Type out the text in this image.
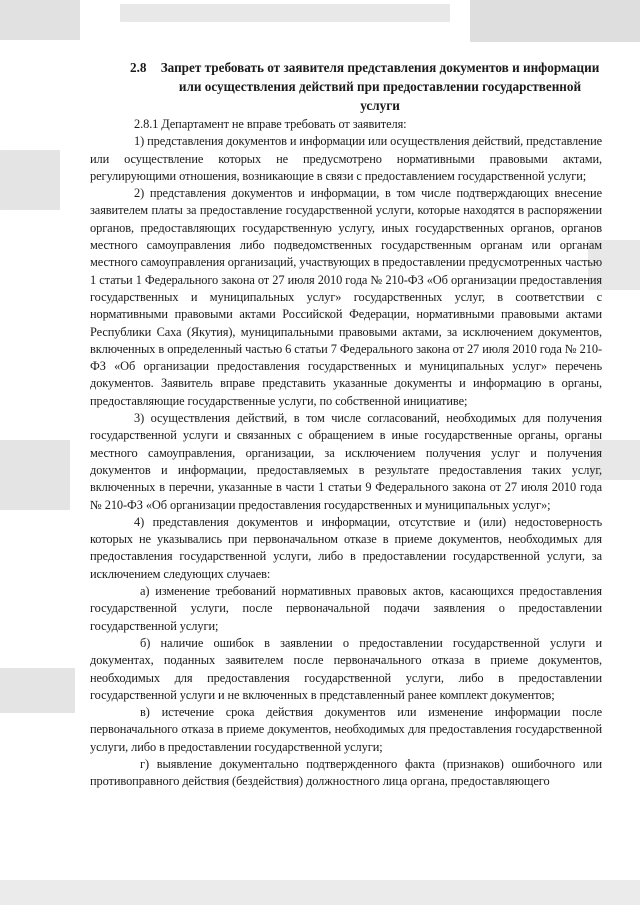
2.8	Запрет требовать от заявителя представления документов и информации или осуществления действий при предоставлении государственной услуги

2.8.1 Департамент не вправе требовать от заявителя:

1) представления документов и информации или осуществления действий, представление или осуществление которых не предусмотрено нормативными правовыми актами, регулирующими отношения, возникающие в связи с предоставлением государственной услуги;

2) представления документов и информации, в том числе подтверждающих внесение заявителем платы за предоставление государственной услуги, которые находятся в распоряжении органов, предоставляющих государственную услугу, иных государственных органов, органов местного самоуправления либо подведомственных государственным органам или органам местного самоуправления организаций, участвующих в предоставлении предусмотренных частью 1 статьи 1 Федерального закона от 27 июля 2010 года № 210-ФЗ «Об организации предоставления государственных и муниципальных услуг» государственных услуг, в соответствии с нормативными правовыми актами Российской Федерации, нормативными правовыми актами Республики Саха (Якутия), муниципальными правовыми актами, за исключением документов, включенных в определенный частью 6 статьи 7 Федерального закона от 27 июля 2010 года № 210-ФЗ «Об организации предоставления государственных и муниципальных услуг» перечень документов. Заявитель вправе представить указанные документы и информацию в органы, предоставляющие государственные услуги, по собственной инициативе;

3) осуществления действий, в том числе согласований, необходимых для получения государственной услуги и связанных с обращением в иные государственные органы, органы местного самоуправления, организации, за исключением получения услуг и получения документов и информации, предоставляемых в результате предоставления таких услуг, включенных в перечни, указанные в части 1 статьи 9 Федерального закона от 27 июля 2010 года № 210-ФЗ «Об организации предоставления государственных и муниципальных услуг»;

4) представления документов и информации, отсутствие и (или) недостоверность которых не указывались при первоначальном отказе в приеме документов, необходимых для предоставления государственной услуги, либо в предоставлении государственной услуги, за исключением следующих случаев:

а) изменение требований нормативных правовых актов, касающихся предоставления государственной услуги, после первоначальной подачи заявления о предоставлении государственной услуги;

б) наличие ошибок в заявлении о предоставлении государственной услуги и документах, поданных заявителем после первоначального отказа в приеме документов, необходимых для предоставления государственной услуги, либо в предоставлении государственной услуги и не включенных в представленный ранее комплект документов;

в) истечение срока действия документов или изменение информации после первоначального отказа в приеме документов, необходимых для предоставления государственной услуги, либо в предоставлении государственной услуги;

г) выявление документально подтвержденного факта (признаков) ошибочного или противоправного действия (бездействия) должностного лица органа, предоставляющего
